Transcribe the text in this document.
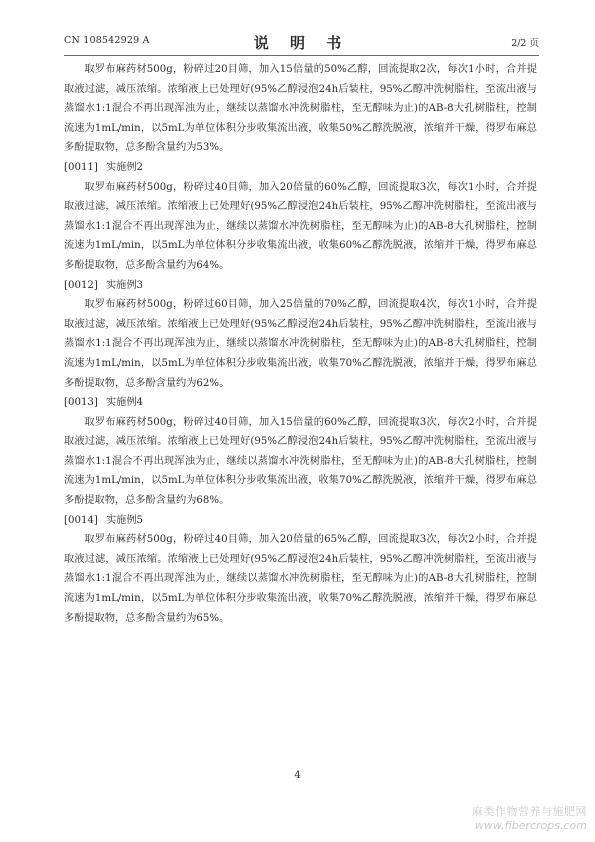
CN 108542929 A	说 明 书	2/2 页

取罗布麻药材500g，粉碎过20目筛，加入15倍量的50%乙醇，回流提取2次，每次1小时，合并提取液过滤，减压浓缩。浓缩液上已处理好(95%乙醇浸泡24h后装柱，95%乙醇冲洗树脂柱，至流出液与蒸馏水1:1混合不再出现浑浊为止，继续以蒸馏水冲洗树脂柱，至无醇味为止)的AB-8大孔树脂柱，控制流速为1mL/min，以5mL为单位体积分步收集流出液，收集50%乙醇洗脱液，浓缩并干燥，得罗布麻总多酚提取物，总多酚含量约为53%。

[0011] 实施例2

取罗布麻药材500g，粉碎过40目筛，加入20倍量的60%乙醇，回流提取3次，每次1小时，合并提取液过滤，减压浓缩。浓缩液上已处理好(95%乙醇浸泡24h后装柱，95%乙醇冲洗树脂柱，至流出液与蒸馏水1:1混合不再出现浑浊为止，继续以蒸馏水冲洗树脂柱，至无醇味为止)的AB-8大孔树脂柱，控制流速为1mL/min，以5mL为单位体积分步收集流出液，收集60%乙醇洗脱液，浓缩并干燥，得罗布麻总多酚提取物，总多酚含量约为64%。

[0012] 实施例3

取罗布麻药材500g，粉碎过60目筛，加入25倍量的70%乙醇，回流提取4次，每次1小时，合并提取液过滤，减压浓缩。浓缩液上已处理好(95%乙醇浸泡24h后装柱，95%乙醇冲洗树脂柱，至流出液与蒸馏水1:1混合不再出现浑浊为止，继续以蒸馏水冲洗树脂柱，至无醇味为止)的AB-8大孔树脂柱，控制流速为1mL/min，以5mL为单位体积分步收集流出液，收集70%乙醇洗脱液，浓缩并干燥，得罗布麻总多酚提取物，总多酚含量约为62%。

[0013] 实施例4

取罗布麻药材500g，粉碎过40目筛，加入15倍量的60%乙醇，回流提取3次，每次2小时，合并提取液过滤，减压浓缩。浓缩液上已处理好(95%乙醇浸泡24h后装柱，95%乙醇冲洗树脂柱，至流出液与蒸馏水1:1混合不再出现浑浊为止，继续以蒸馏水冲洗树脂柱，至无醇味为止)的AB-8大孔树脂柱，控制流速为1mL/min，以5mL为单位体积分步收集流出液，收集70%乙醇洗脱液，浓缩并干燥，得罗布麻总多酚提取物，总多酚含量约为68%。

[0014] 实施例5

取罗布麻药材500g，粉碎过40目筛，加入20倍量的65%乙醇，回流提取3次，每次2小时，合并提取液过滤，减压浓缩。浓缩液上已处理好(95%乙醇浸泡24h后装柱，95%乙醇冲洗树脂柱，至流出液与蒸馏水1:1混合不再出现浑浊为止，继续以蒸馏水冲洗树脂柱，至无醇味为止)的AB-8大孔树脂柱，控制流速为1mL/min，以5mL为单位体积分步收集流出液，收集70%乙醇洗脱液，浓缩并干燥，得罗布麻总多酚提取物，总多酚含量约为65%。

4
麻类作物营养与施肥网
www.fibercrops.com
